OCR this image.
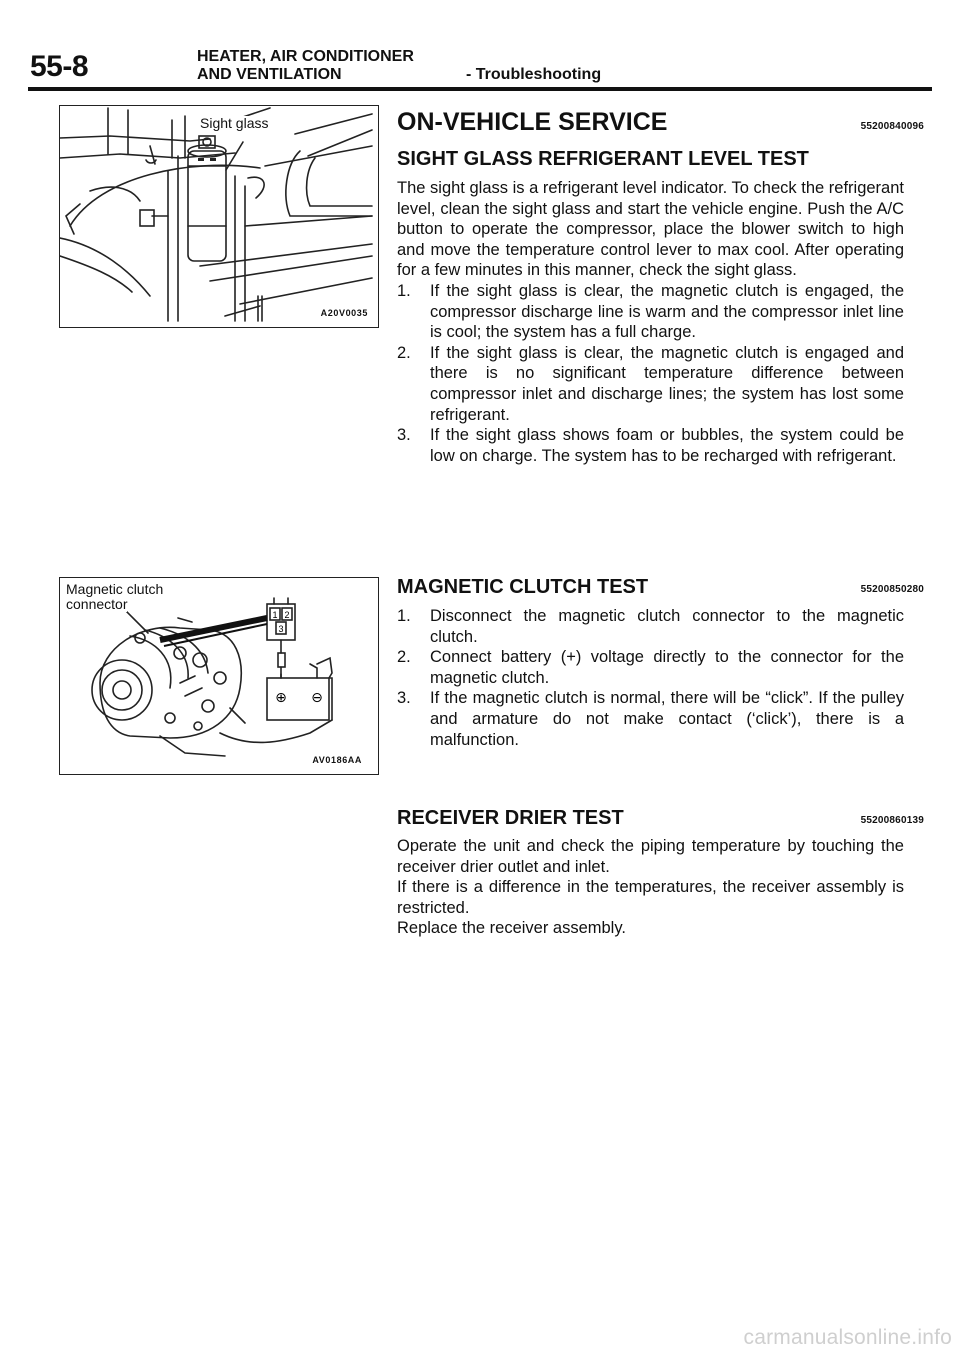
55-8	HEATER, AIR CONDITIONER
AND VENTILATION	- Troubleshooting
Sight glass
A20V0035
1 2
3
⊕ ⊖
Magnetic clutch
connector
AV0186AA
ON-VEHICLE SERVICE	55200840096
SIGHT GLASS REFRIGERANT LEVEL TEST

The sight glass is a refrigerant level indicator. To check the refrigerant level, clean the sight glass and start the vehicle engine. Push the A/C button to operate the compressor, place the blower switch to high and move the temperature control lever to max cool. After operating for a few minutes in this manner, check the sight glass.

1. If the sight glass is clear, the magnetic clutch is engaged, the compressor discharge line is warm and the compressor inlet line is cool; the system has a full charge.
2. If the sight glass is clear, the magnetic clutch is engaged and there is no significant temperature difference between compressor inlet and discharge lines; the system has lost some refrigerant.
3. If the sight glass shows foam or bubbles, the system could be low on charge. The system has to be recharged with refrigerant.
MAGNETIC CLUTCH TEST	55200850280
1. Disconnect the magnetic clutch connector to the magnetic clutch.
2. Connect battery (+) voltage directly to the connector for the magnetic clutch.
3. If the magnetic clutch is normal, there will be “click”. If the pulley and armature do not make contact (‘click’), there is a malfunction.
RECEIVER DRIER TEST	55200860139

Operate the unit and check the piping temperature by touching the receiver drier outlet and inlet.

If there is a difference in the temperatures, the receiver assembly is restricted.

Replace the receiver assembly.

carmanualsonline.info
